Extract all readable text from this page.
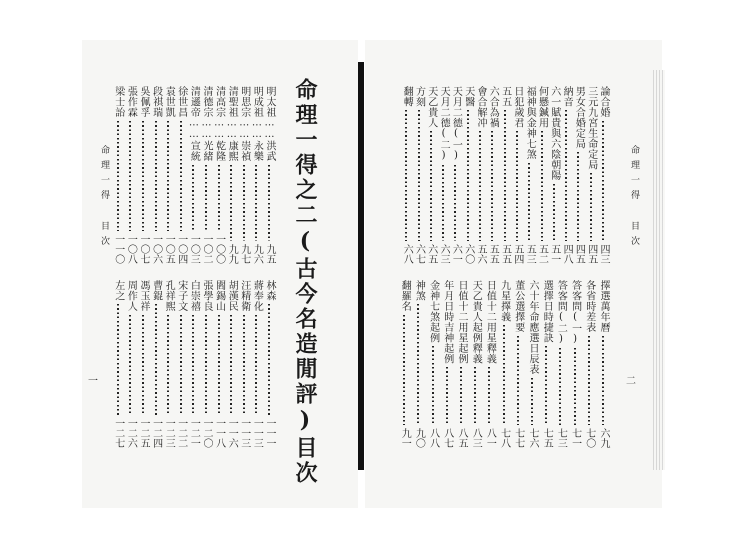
命理一得 目次
一	命理一得之二(古今名造閒評)目次
明太祖……洪武
九五
明成祖……永樂
九六
明思宗……崇禎
九七
清聖祖……康熙
九九
清高宗……乾隆
一〇〇
清德宗……光緒
一〇二
清遜帝……宣統
一〇三
徐世昌
一〇四
袁世凱
一〇五
段祺瑞
一〇六
吳佩孚
一〇七
張作霖
一〇八
梁士詒
一一〇
林森
一一一
蔣奉化
一一三
汪精衛
一一三
胡漢民
一一六
閻錫山
一一八
張學良
一二〇
白崇禧
一二一
宋子文
一二二
孔祥熙
一二三
曹錕
一二四
馮玉祥
一二五
周作人
一二六
左之
一二七
命理一得 目次
二
論合婚
四三
三元九宮生命定局
四五
男女合婚定局
四五
納音
四八
六一賦貴與六陰朝陽
五一
何懸鍼用
五二
福神與金神七煞
五三
日犯歲君
五四
五五
五五
六合為禍
五五
會合解冲
五六
天醫
六〇
天月二德(一)
六一
天月二德(二)
六三
天乙貴人
六五
方刻
六七
翻轉
六八
擇選萬年曆
六九
各省時差表
七〇
答客問(一)
七一
答客問(二)
七三
選擇日時捷訣
七五
六十年命應選日辰表
七六
董公選擇要
七七
九星擇義
七八
日值十二用星釋義
八一
天乙貴人起例釋義
八三
日值十二用星起例
八五
年月日時吉神起例
八七
金神七煞起例
八八
神煞
九〇
翻羅名
九一
